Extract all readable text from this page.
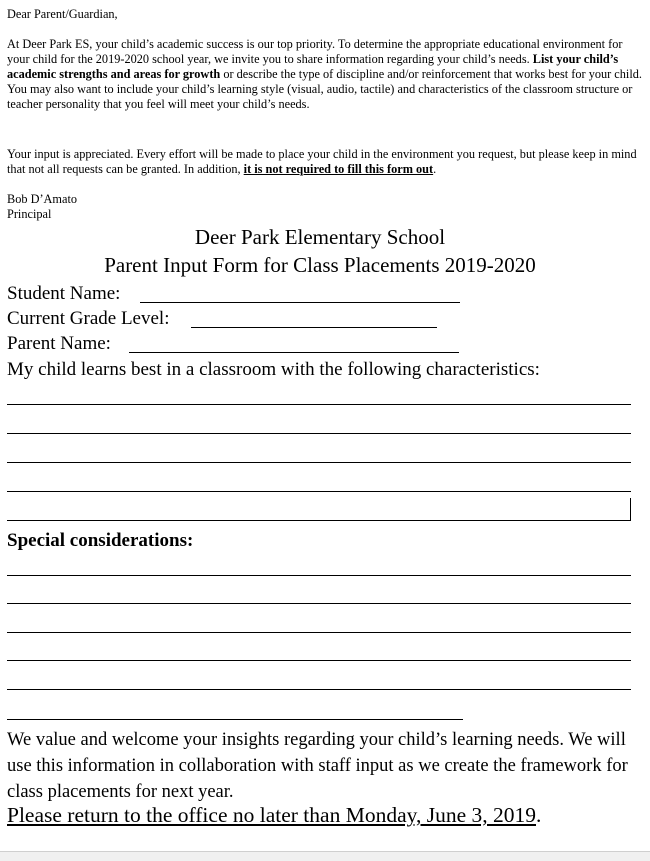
Dear Parent/Guardian,
At Deer Park ES, your child’s academic success is our top priority. To determine the appropriate educational environment for your child for the 2019-2020 school year, we invite you to share information regarding your child’s needs. List your child’s academic strengths and areas for growth or describe the type of discipline and/or reinforcement that works best for your child. You may also want to include your child’s learning style (visual, audio, tactile) and characteristics of the classroom structure or teacher personality that you feel will meet your child’s needs.
Your input is appreciated. Every effort will be made to place your child in the environment you request, but please keep in mind that not all requests can be granted. In addition, it is not required to fill this form out.
Bob D’Amato
Principal
Deer Park Elementary School
Parent Input Form for Class Placements 2019-2020
Student Name:
Current Grade Level:
Parent Name:
My child learns best in a classroom with the following characteristics:
Special considerations:
We value and welcome your insights regarding your child’s learning needs. We will use this information in collaboration with staff input as we create the framework for class placements for next year.
Please return to the office no later than Monday, June 3, 2019.
